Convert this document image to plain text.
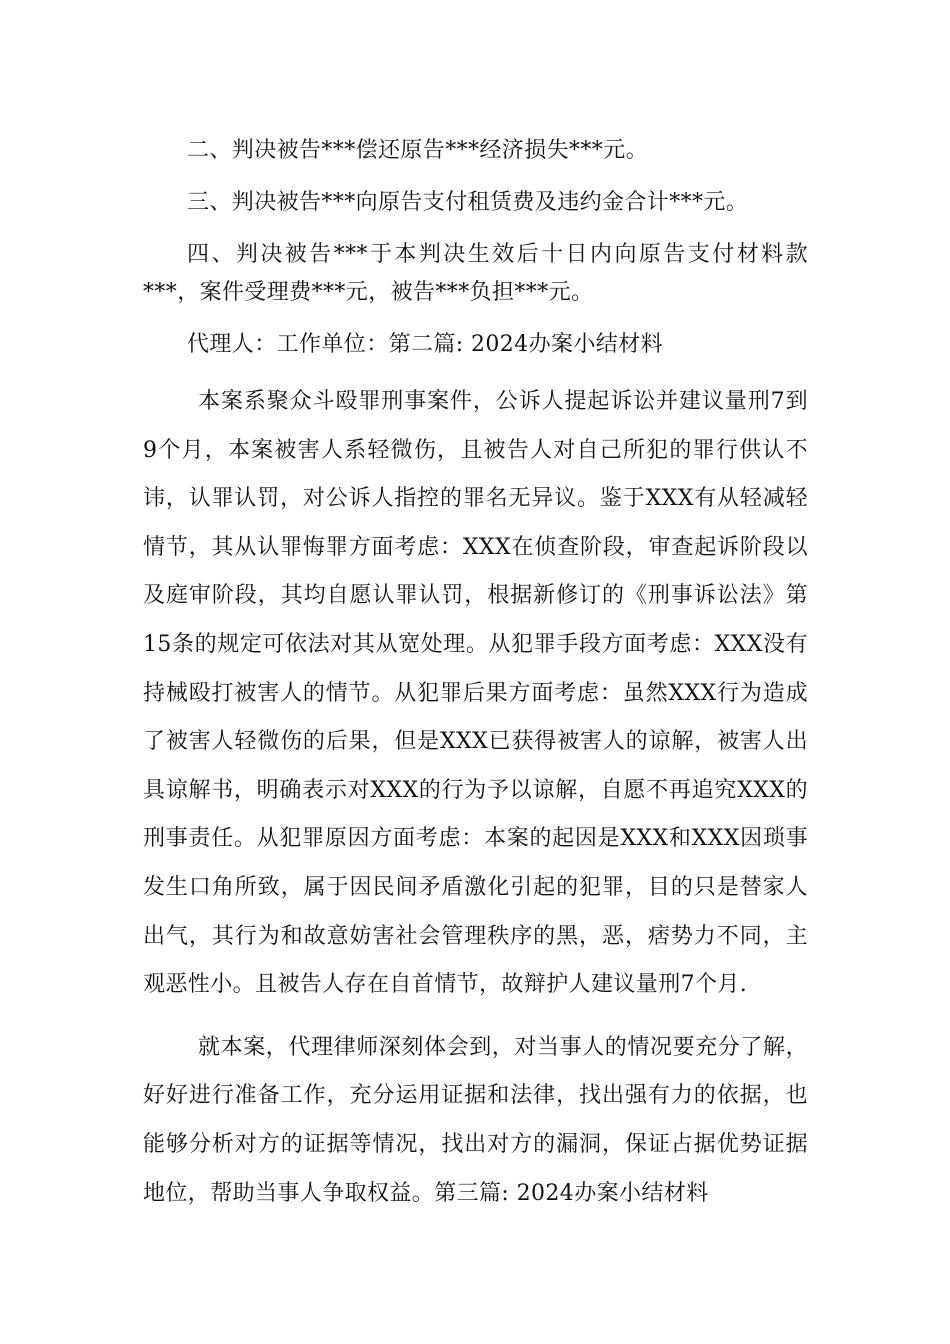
二、判决被告***偿还原告***经济损失***元。

三、判决被告***向原告支付租赁费及违约金合计***元。

四、判决被告***于本判决生效后十日内向原告支付材料款***，案件受理费***元，被告***负担***元。

代理人：工作单位：第二篇: 2024办案小结材料

本案系聚众斗殴罪刑事案件，公诉人提起诉讼并建议量刑7到9个月，本案被害人系轻微伤，且被告人对自己所犯的罪行供认不讳，认罪认罚，对公诉人指控的罪名无异议。鉴于XXX有从轻减轻情节，其从认罪悔罪方面考虑：XXX在侦查阶段，审查起诉阶段以及庭审阶段，其均自愿认罪认罚，根据新修订的《刑事诉讼法》第15条的规定可依法对其从宽处理。从犯罪手段方面考虑：XXX没有持械殴打被害人的情节。从犯罪后果方面考虑：虽然XXX行为造成了被害人轻微伤的后果，但是XXX已获得被害人的谅解，被害人出具谅解书，明确表示对XXX的行为予以谅解，自愿不再追究XXX的刑事责任。从犯罪原因方面考虑：本案的起因是XXX和XXX因琐事发生口角所致，属于因民间矛盾激化引起的犯罪，目的只是替家人出气，其行为和故意妨害社会管理秩序的黑，恶，痞势力不同，主观恶性小。且被告人存在自首情节，故辩护人建议量刑7个月.

就本案，代理律师深刻体会到，对当事人的情况要充分了解，好好进行准备工作，充分运用证据和法律，找出强有力的依据，也能够分析对方的证据等情况，找出对方的漏洞，保证占据优势证据地位，帮助当事人争取权益。第三篇: 2024办案小结材料
